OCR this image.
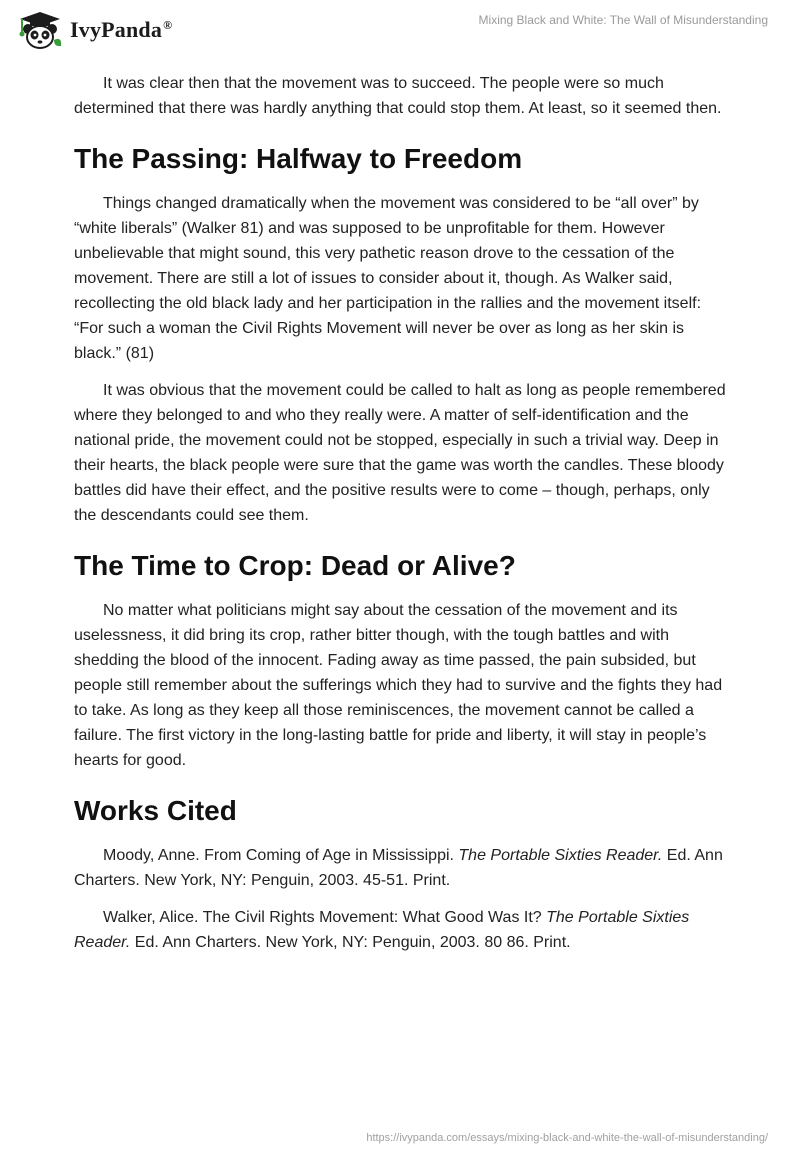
IvyPanda®	Mixing Black and White: The Wall of Misunderstanding

It was clear then that the movement was to succeed. The people were so much determined that there was hardly anything that could stop them. At least, so it seemed then.

The Passing: Halfway to Freedom

Things changed dramatically when the movement was considered to be “all over” by “white liberals” (Walker 81) and was supposed to be unprofitable for them. However unbelievable that might sound, this very pathetic reason drove to the cessation of the movement. There are still a lot of issues to consider about it, though. As Walker said, recollecting the old black lady and her participation in the rallies and the movement itself: “For such a woman the Civil Rights Movement will never be over as long as her skin is black.” (81)

It was obvious that the movement could be called to halt as long as people remembered where they belonged to and who they really were. A matter of self-identification and the national pride, the movement could not be stopped, especially in such a trivial way. Deep in their hearts, the black people were sure that the game was worth the candles. These bloody battles did have their effect, and the positive results were to come – though, perhaps, only the descendants could see them.

The Time to Crop: Dead or Alive?

No matter what politicians might say about the cessation of the movement and its uselessness, it did bring its crop, rather bitter though, with the tough battles and with shedding the blood of the innocent. Fading away as time passed, the pain subsided, but people still remember about the sufferings which they had to survive and the fights they had to take. As long as they keep all those reminiscences, the movement cannot be called a failure. The first victory in the long-lasting battle for pride and liberty, it will stay in people’s hearts for good.

Works Cited

Moody, Anne. From Coming of Age in Mississippi. The Portable Sixties Reader. Ed. Ann Charters. New York, NY: Penguin, 2003. 45-51. Print.

Walker, Alice. The Civil Rights Movement: What Good Was It? The Portable Sixties Reader. Ed. Ann Charters. New York, NY: Penguin, 2003. 80 86. Print.

https://ivypanda.com/essays/mixing-black-and-white-the-wall-of-misunderstanding/
